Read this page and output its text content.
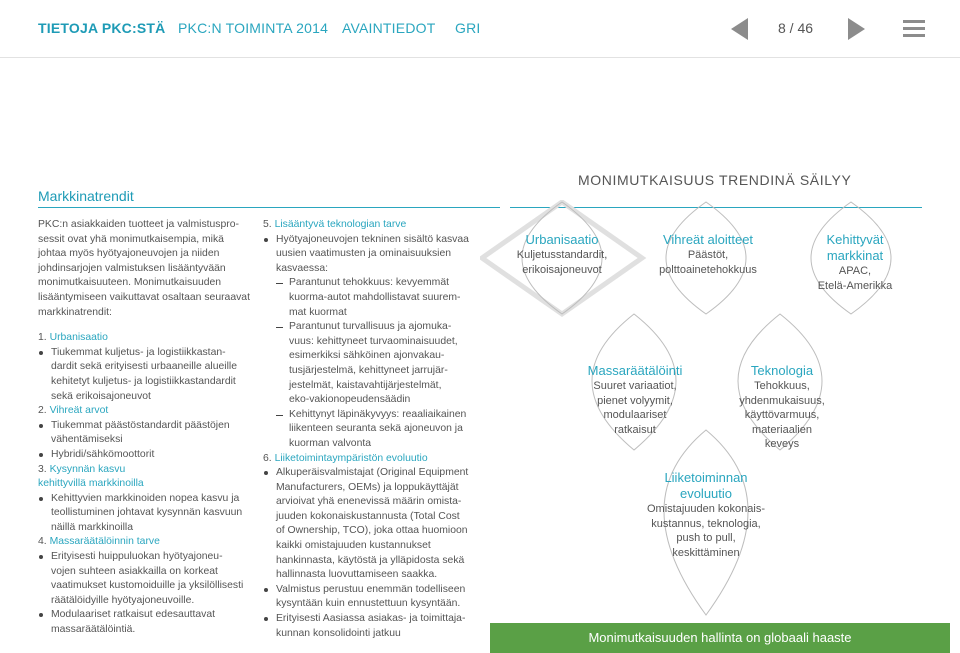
TIETOJA PKC:STÄ PKC:N TOIMINTA 2014 AVAINTIEDOT GRI	8 / 46
Markkinatrendit

PKC:n asiakkaiden tuotteet ja valmistuspro-
sessit ovat yhä monimutkaisempia, mikä
johtaa myös hyötyajoneuvojen ja niiden
johdinsarjojen valmistuksen lisääntyvään
monimutkaisuuteen. Monimutkaisuuden
lisääntymiseen vaikuttavat osaltaan seuraavat
markkinatrendit:

1. Urbanisaatio

Tiukemmat kuljetus- ja logistiikkastan-
dardit sekä erityisesti urbaaneille alueille
kehitetyt kuljetus- ja logistiikkastandardit
sekä erikoisajoneuvot

2. Vihreät arvot

Tiukemmat päästöstandardit päästöjen
vähentämiseksi

Hybridi/sähkömoottorit

3. Kysynnän kasvu
kehittyvillä markkinoilla

Kehittyvien markkinoiden nopea kasvu ja
teollistuminen johtavat kysynnän kasvuun
näillä markkinoilla

4. Massaräätälöinnin tarve

Erityisesti huippuluokan hyötyajoneu-
vojen suhteen asiakkailla on korkeat
vaatimukset kustomoiduille ja yksilöllisesti
räätälöidyille hyötyajoneuvoille.

Modulaariset ratkaisut edesauttavat
massaräätälöintiä.

5. Lisääntyvä teknologian tarve

Hyötyajoneuvojen tekninen sisältö kasvaa
uusien vaatimusten ja ominaisuuksien
kasvaessa:

Parantunut tehokkuus: kevyemmät
kuorma-autot mahdollistavat suurem-
mat kuormat

Parantunut turvallisuus ja ajomuka-
vuus: kehittyneet turvaominaisuudet,
esimerkiksi sähköinen ajonvakau-
tusjärjestelmä, kehittyneet jarrujär-
jestelmät, kaistavahtijärjestelmät,
eko-vakionopeudensäädin

Kehittynyt läpinäkyvyys: reaaliaikainen
liikenteen seuranta sekä ajoneuvon ja
kuorman valvonta

6. Liiketoimintaympäristön evoluutio

Alkuperäisvalmistajat (Original Equipment
Manufacturers, OEMs) ja loppukäyttäjät
arvioivat yhä enenevissä määrin omista-
juuden kokonaiskustannusta (Total Cost
of Ownership, TCO), joka ottaa huomioon
kaikki omistajuuden kustannukset
hankinnasta, käytöstä ja ylläpidosta sekä
hallinnasta luovuttamiseen saakka.

Valmistus perustuu enemmän todelliseen
kysyntään kuin ennustettuun kysyntään.

Erityisesti Aasiassa asiakas- ja toimittaja-
kunnan konsolidointi jatkuu

MONIMUTKAISUUS TRENDINÄ SÄILYY
Urbanisaatio
Kuljetusstandardit,
erikoisajoneuvot
Vihreät aloitteet
Päästöt,
polttoainetehokkuus
Kehittyvät
markkinat
APAC,
Etelä-Amerikka
Massaräätälöinti
Suuret variaatiot,
pienet volyymit,
modulaariset
ratkaisut
Teknologia
Tehokkuus,
yhdenmukaisuus,
käyttövarmuus,
materiaalien
keveys
Liiketoiminnan
evoluutio
Omistajuuden kokonais-
kustannus, teknologia,
push to pull,
keskittäminen
Monimutkaisuuden hallinta on globaali haaste
